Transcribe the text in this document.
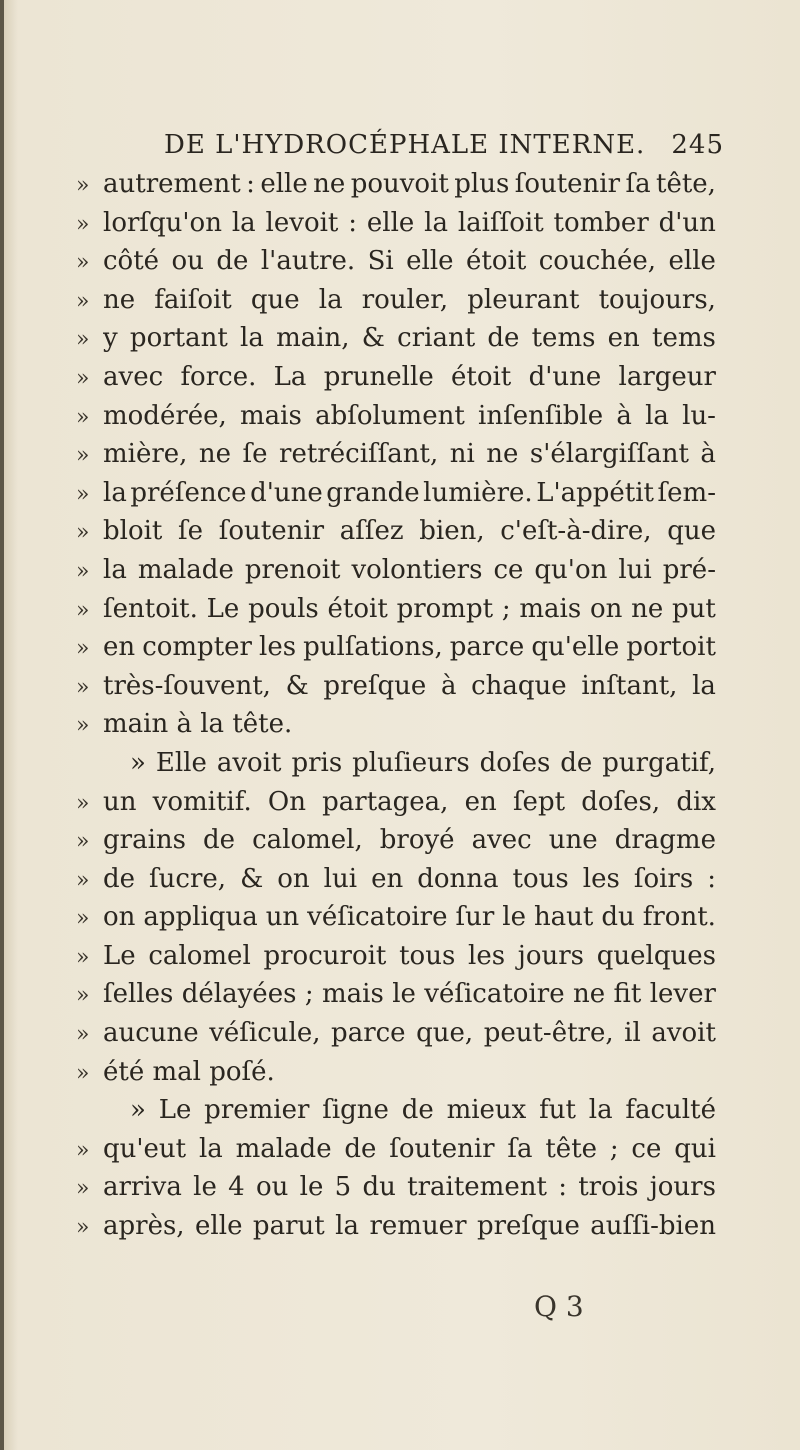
DE L'HYDROCÉPHALE INTERNE. 245
» autrement : elle ne pouvoit plus ſoutenir ſa tête,
» lorſqu'on la levoit : elle la laiſſoit tomber d'un
» côté ou de l'autre. Si elle étoit couchée, elle
» ne faiſoit que la rouler, pleurant toujours,
» y portant la main, & criant de tems en tems
» avec force. La prunelle étoit d'une largeur
» modérée, mais abſolument inſenſible à la lu-
» mière, ne ſe retréciſſant, ni ne s'élargiſſant à
» la préſence d'une grande lumière. L'appétit ſem-
» bloit ſe ſoutenir aſſez bien, c'eſt-à-dire, que
» la malade prenoit volontiers ce qu'on lui pré-
» ſentoit. Le pouls étoit prompt ; mais on ne put
» en compter les pulſations, parce qu'elle portoit
» très-ſouvent, & preſque à chaque inſtant, la
» main à la tête.
» Elle avoit pris pluſieurs doſes de purgatif,
» un vomitif. On partagea, en ſept doſes, dix
» grains de calomel, broyé avec une dragme
» de ſucre, & on lui en donna tous les ſoirs :
» on appliqua un véſicatoire ſur le haut du front.
» Le calomel procuroit tous les jours quelques
» ſelles délayées ; mais le véſicatoire ne fit lever
» aucune véſicule, parce que, peut-être, il avoit
» été mal poſé.
» Le premier ſigne de mieux fut la faculté
» qu'eut la malade de ſoutenir ſa tête ; ce qui
» arriva le 4 ou le 5 du traitement : trois jours
» après, elle parut la remuer preſque auſſi-bien
Q 3
